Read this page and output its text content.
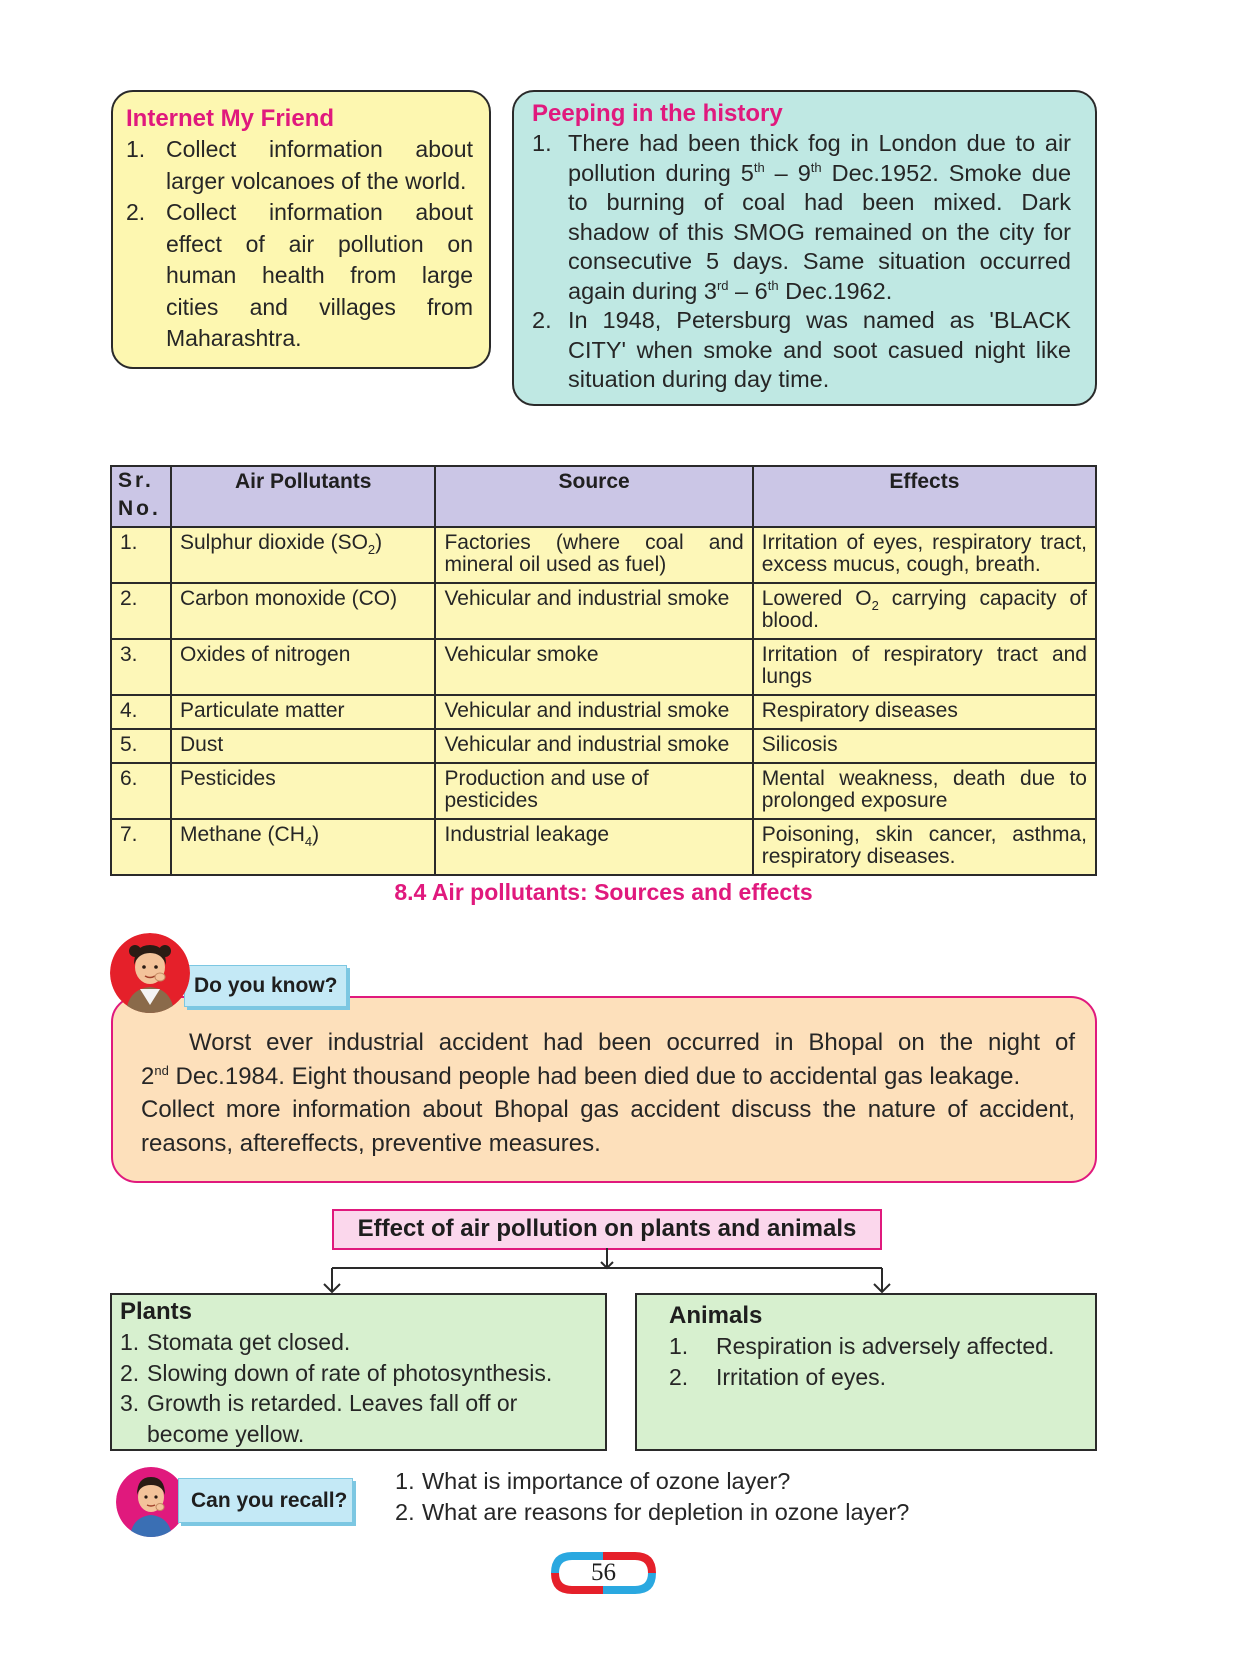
Internet My Friend
1. Collect information about larger volcanoes of the world.
2. Collect information about effect of air pollution on human health from large cities and villages from Maharashtra.
Peeping in the history
1. There had been thick fog in London due to air pollution during 5th – 9th Dec.1952. Smoke due to burning of coal had been mixed. Dark shadow of this SMOG remained on the city for consecutive 5 days. Same situation occurred again during 3rd – 6th Dec.1962.
2. In 1948, Petersburg was named as 'BLACK CITY' when smoke and soot casued night like situation during day time.
Sr.
No.	Air Pollutants	Source	Effects
1.	Sulphur dioxide $(SO_2)$	Factories (where coal and mineral oil used as fuel)	Irritation of eyes, respiratory tract, excess mucus, cough, breath.
2.	Carbon monoxide (CO)	Vehicular and industrial smoke	Lowered $O_2$ carrying capacity of blood.
3.	Oxides of nitrogen	Vehicular smoke	Irritation of respiratory tract and lungs
4.	Particulate matter	Vehicular and industrial smoke	Respiratory diseases
5.	Dust	Vehicular and industrial smoke	Silicosis
6.	Pesticides	Production and use of pesticides	Mental weakness, death due to prolonged exposure
7.	Methane $(CH_4)$	Industrial leakage	Poisoning, skin cancer, asthma, respiratory diseases.
8.4 Air pollutants: Sources and effects

Worst ever industrial accident had been occurred in Bhopal on the night of

2nd Dec.1984. Eight thousand people had been died due to accidental gas leakage.

Collect more information about Bhopal gas accident discuss the nature of accident, reasons, aftereffects, preventive measures.

Do you know?
Effect of air pollution on plants and animals
Plants
1. Stomata get closed.
2. Slowing down of rate of photosynthesis.
3. Growth is retarded. Leaves fall off or become yellow.
Animals
1.	Respiration is adversely affected.
2.	Irritation of eyes.
Can you recall?
1. What is importance of ozone layer?
2. What are reasons for depletion in ozone layer?
56
